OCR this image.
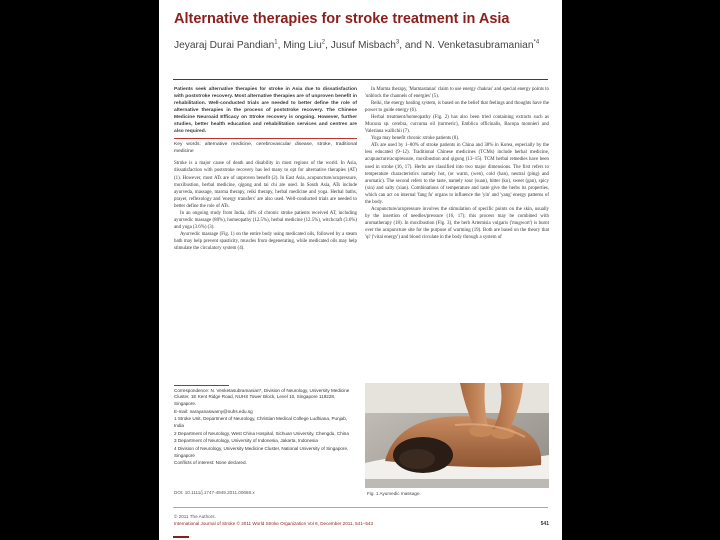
Alternative therapies for stroke treatment in Asia
Jeyaraj Durai Pandian$^1$, Ming Liu$^2$, Jusuf Misbach$^3$, and N. Venketasubramanian$^{*4}$

Patients seek alternative therapies for stroke in Asia due to dissatisfaction with poststroke recovery. Most alternative therapies are of unproven benefit in rehabilitation. Well-conducted trials are needed to better define the role of alternative therapies in the process of poststroke recovery. The Chinese Medicine Neuroaid Efficacy on Stroke recovery is ongoing. However, further studies, better health education and rehabilitation services and centres are also required.

Key words: alternative medicine, cerebrovascular disease, stroke, traditional medicine

Stroke is a major cause of death and disability in most regions of the world. In Asia, dissatisfaction with poststroke recovery has led many to opt for alternative therapies (AT) (1). However, most ATs are of unproven benefit (2). In East Asia, acupuncture/acupressure, moxibustion, herbal medicine, qigong and tai chi are used. In South Asia, ATs include ayurveda, massage, marma therapy, reiki therapy, herbal medicine and yoga. Herbal baths, prayer, reflexology and 'energy transfers' are also used. Well-conducted trials are needed to better define the role of ATs.

In an ongoing study from India, 44% of chronic stroke patients received AT, including ayurvedic massage (80%), homeopathy (12.5%), herbal medicine (12.5%), witchcraft (3.6%) and yoga (3.6%) (3).

Ayurvedic massage (Fig. 1) on the entire body using medicated oils, followed by a steam bath may help prevent spasticity, muscles from degenerating, while medicated oils may help stimulate the circulatory system (4).

In Marma therapy, 'Marmastanas' claim to use energy chakras' and special energy points to 'unblock the channels of energies' (5).

Reiki, the energy healing system, is based on the belief that feelings and thoughts have the power to guide energy (6).

Herbal treatment/homeopathy (Fig. 2) has also been tried containing extracts such as Mucuna sp. cerebra, curcuma oil (turmeric), Emblica officinalis, Bacopa monnieri and Valeriana wallichii (7).

Yoga may benefit chronic stroke patients (8).

ATs are used by 1–80% of stroke patients in China and 38% in Korea, especially by the less educated (9–12). Traditional Chinese medicines (TCMs) include herbal medicine, acupuncture/acupressure, moxibustion and qigong (13–15). TCM herbal remedies have been used in stroke (16, 17). Herbs are classified into two major dimensions. The first refers to temperature characteristics namely hot, (or warm, (wen), cold (han), neutral (ping) and aromatic). The second refers to the taste, namely sour (suan), bitter (ku), sweet (gan), spicy (xin) and salty (xian). Combinations of temperature and taste give the herbs its properties, which can act on internal 'fang fu' organs to influence the 'yin' and 'yang' energy patterns of the body.

Acupuncture/acupressure involves the stimulation of specific points on the skin, usually by the insertion of needles/pressure (16, 17); this process may be combined with aromatherapy (18). In moxibustion (Fig. 3), the herb Artemisia vulgaris ('mugwort') is burnt over the acupuncture site for the purpose of warming (19). Both are based on the theory that 'qi' ('vital energy') and blood circulate in the body through a system of

Correspondence: N. Venketasubramanian*, Division of Neurology, University Medicine Cluster, 1E Kent Ridge Road, NUHS Tower Block, Level 10, Singapore 119228, Singapore.

E-mail: narayanaswamy@nuhs.edu.sg

1 Stroke Unit, Department of Neurology, Christian Medical College Ludhiana, Punjab, India

2 Department of Neurology, West China Hospital, Sichuan University, Chengdu, China

3 Department of Neurology, University of Indonesia, Jakarta, Indonesia

4 Division of Neurology, University Medicine Cluster, National University of Singapore, Singapore

Conflicts of interest: None declared.

DOI: 10.1111/j.1747-4949.2011.00668.x	Fig. 1 Ayurvedic massage.
© 2011 The Authors.
International Journal of Stroke © 2011 World Stroke Organization Vol 6, December 2011, 541–543	541
